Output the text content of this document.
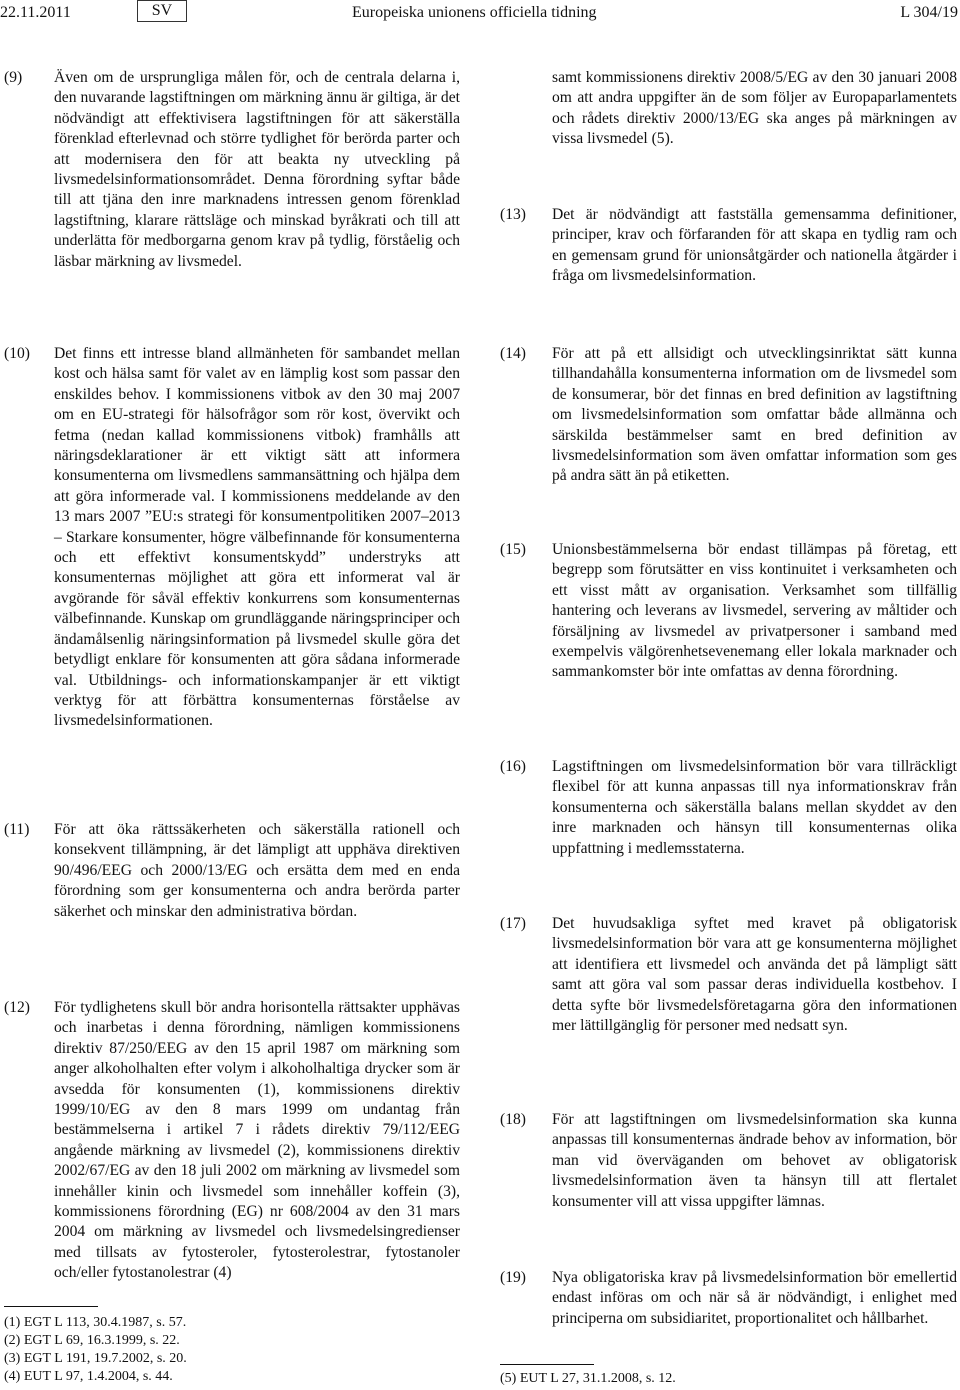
22.11.2011	SV	Europeiska unionens officiella tidning	L 304/19
(9) Även om de ursprungliga målen för, och de centrala delarna i, den nuvarande lagstiftningen om märkning ännu är giltiga, är det nödvändigt att effektivisera lagstiftningen för att säkerställa förenklad efterlevnad och större tydlighet för berörda parter och att modernisera den för att beakta ny utveckling på livsmedelsinformationsområdet. Denna förordning syftar både till att tjäna den inre marknadens intressen genom förenklad lagstiftning, klarare rättsläge och minskad byråkrati och till att underlätta för medborgarna genom krav på tydlig, förståelig och läsbar märkning av livsmedel.
(10) Det finns ett intresse bland allmänheten för sambandet mellan kost och hälsa samt för valet av en lämplig kost som passar den enskildes behov. I kommissionens vitbok av den 30 maj 2007 om en EU-strategi för hälsofrågor som rör kost, övervikt och fetma (nedan kallad kommissionens vitbok) framhålls att näringsdeklarationer är ett viktigt sätt att informera konsumenterna om livsmedlens sammansättning och hjälpa dem att göra informerade val. I kommissionens meddelande av den 13 mars 2007 ”EU:s strategi för konsumentpolitiken 2007–2013 – Starkare konsumenter, högre välbefinnande för konsumenterna och ett effektivt konsumentskydd” understryks att konsumenternas möjlighet att göra ett informerat val är avgörande för såväl effektiv konkurrens som konsumenternas välbefinnande. Kunskap om grundläggande näringsprinciper och ändamålsenlig näringsinformation på livsmedel skulle göra det betydligt enklare för konsumenten att göra sådana informerade val. Utbildnings- och informationskampanjer är ett viktigt verktyg för att förbättra konsumenternas förståelse av livsmedelsinformationen.
(11) För att öka rättssäkerheten och säkerställa rationell och konsekvent tillämpning, är det lämpligt att upphäva direktiven 90/496/EEG och 2000/13/EG och ersätta dem med en enda förordning som ger konsumenterna och andra berörda parter säkerhet och minskar den administrativa bördan.
(12) För tydlighetens skull bör andra horisontella rättsakter upphävas och inarbetas i denna förordning, nämligen kommissionens direktiv 87/250/EEG av den 15 april 1987 om märkning som anger alkoholhalten efter volym i alkoholhaltiga drycker som är avsedda för konsumenten (1), kommissionens direktiv 1999/10/EG av den 8 mars 1999 om undantag från bestämmelserna i artikel 7 i rådets direktiv 79/112/EEG angående märkning av livsmedel (2), kommissionens direktiv 2002/67/EG av den 18 juli 2002 om märkning av livsmedel som innehåller kinin och livsmedel som innehåller koffein (3), kommissionens förordning (EG) nr 608/2004 av den 31 mars 2004 om märkning av livsmedel och livsmedelsingredienser med tillsats av fytosteroler, fytosterolestrar, fytostanoler och/eller fytostanolestrar (4)
samt kommissionens direktiv 2008/5/EG av den 30 januari 2008 om att andra uppgifter än de som följer av Europaparlamentets och rådets direktiv 2000/13/EG ska anges på märkningen av vissa livsmedel (5).
(13) Det är nödvändigt att fastställa gemensamma definitioner, principer, krav och förfaranden för att skapa en tydlig ram och en gemensam grund för unionsåtgärder och nationella åtgärder i fråga om livsmedelsinformation.
(14) För att på ett allsidigt och utvecklingsinriktat sätt kunna tillhandahålla konsumenterna information om de livsmedel som de konsumerar, bör det finnas en bred definition av lagstiftning om livsmedelsinformation som omfattar både allmänna och särskilda bestämmelser samt en bred definition av livsmedelsinformation som även omfattar information som ges på andra sätt än på etiketten.
(15) Unionsbestämmelserna bör endast tillämpas på företag, ett begrepp som förutsätter en viss kontinuitet i verksamheten och ett visst mått av organisation. Verksamhet som tillfällig hantering och leverans av livsmedel, servering av måltider och försäljning av livsmedel av privatpersoner i samband med exempelvis välgörenhetsevenemang eller lokala marknader och sammankomster bör inte omfattas av denna förordning.
(16) Lagstiftningen om livsmedelsinformation bör vara tillräckligt flexibel för att kunna anpassas till nya informationskrav från konsumenterna och säkerställa balans mellan skyddet av den inre marknaden och hänsyn till konsumenternas olika uppfattning i medlemsstaterna.
(17) Det huvudsakliga syftet med kravet på obligatorisk livsmedelsinformation bör vara att ge konsumenterna möjlighet att identifiera ett livsmedel och använda det på lämpligt sätt samt att göra val som passar deras individuella kostbehov. I detta syfte bör livsmedelsföretagarna göra den informationen mer lättillgänglig för personer med nedsatt syn.
(18) För att lagstiftningen om livsmedelsinformation ska kunna anpassas till konsumenternas ändrade behov av information, bör man vid överväganden om behovet av obligatorisk livsmedelsinformation även ta hänsyn till att flertalet konsumenter vill att vissa uppgifter lämnas.
(19) Nya obligatoriska krav på livsmedelsinformation bör emellertid endast införas om och när så är nödvändigt, i enlighet med principerna om subsidiaritet, proportionalitet och hållbarhet.
(1) EGT L 113, 30.4.1987, s. 57.
(2) EGT L 69, 16.3.1999, s. 22.
(3) EGT L 191, 19.7.2002, s. 20.
(4) EUT L 97, 1.4.2004, s. 44.	(5) EUT L 27, 31.1.2008, s. 12.
